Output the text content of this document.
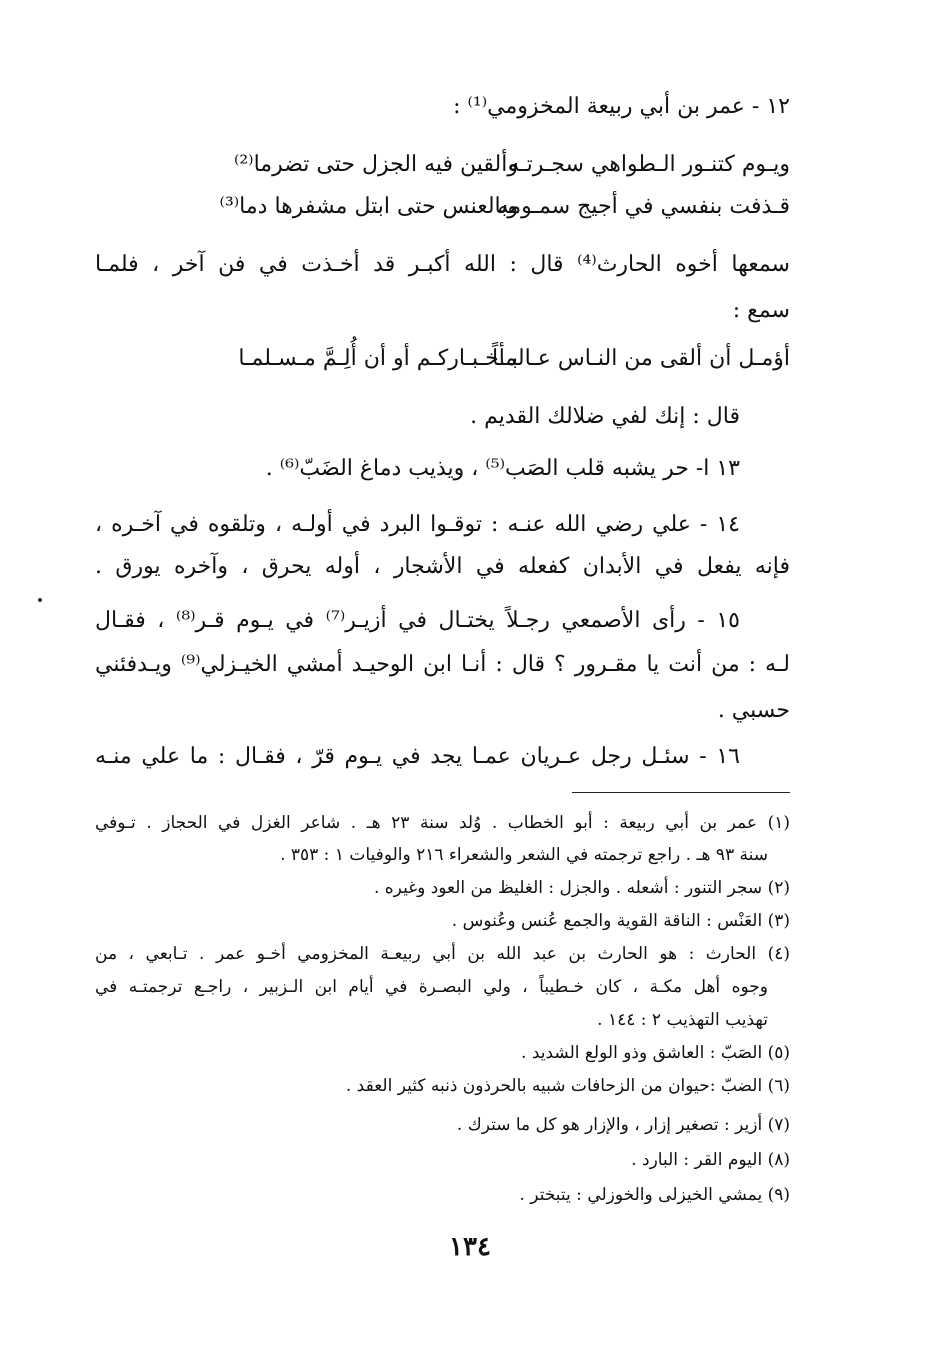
١٢ - عمر بن أبي ربيعة المخزومي⁽¹⁾ :
ويـوم كتنـور الـطواهي سجـرتـه
وألقين فيه الجزل حتى تضرما⁽²⁾
قـذفت بنفسي في أجيج سمـومه
وبالعنس حتى ابتل مشفرها دما⁽³⁾
سمعها أخوه الحارث⁽⁴⁾ قال : الله أكبـر قد أخـذت في فن آخر ، فلمـا
سمع :
أؤمـل أن ألقى من النـاس عـالمـاً
بـأخـبـاركـم أو أن أُلِـمَّ مـسـلمـا
قال : إنك لفي ضلالك القديم .
١٣ ا- حر يشبه قلب الصَب⁽⁵⁾ ، ويذيب دماغ الضَبّ⁽⁶⁾ .
١٤ - علي رضي الله عنـه : توقـوا البرد في أولـه ، وتلقوه في آخـره ،
فإنه يفعل في الأبدان كفعله في الأشجار ، أوله يحرق ، وآخره يورق .
١٥ - رأى الأصمعي رجـلاً يختـال في أزيـر⁽⁷⁾ في يـوم قـر⁽⁸⁾ ، فقـال
لـه : من أنت يا مقـرور ؟ قال : أنـا ابن الوحيـد أمشي الخيـزلي⁽⁹⁾ ويـدفئني
حسبي .
١٦ - سئـل رجل عـريان عمـا يجد في يـوم قرّ ، فقـال : ما علي منـه
(١) عمر بن أبي ربيعة : أبو الخطاب . وُلد سنة ٢٣ هـ . شاعر الغزل في الحجاز . تـوفي
سنة ٩٣ هـ . راجع ترجمته في الشعر والشعراء ٢١٦ والوفيات ١ : ٣٥٣ .
(٢) سجر التنور : أشعله . والجزل : الغليظ من العود وغيره .
(٣) العَنْس : الناقة القوية والجمع عُنس وعُنوس .
(٤) الحارث : هو الحارث بن عبد الله بن أبي ربيعـة المخزومي أخـو عمر . تـابعي ، من
وجوه أهل مكـة ، كان خـطيباً ، ولي البصـرة في أيام ابن الـزبير ، راجـع ترجمتـه في
تهذيب التهذيب ٢ : ١٤٤ .
(٥) الصَبّ : العاشق وذو الولع الشديد .
(٦) الضبّ :حيوان من الزحافات شبيه بالحرذون ذنبه كثير العقد .
(٧) أزير : تصغير إزار ، والإزار هو كل ما سترك .
(٨) اليوم القر : البارد .
(٩) يمشي الخيزلى والخوزلي : يتبختر .
١٣٤
